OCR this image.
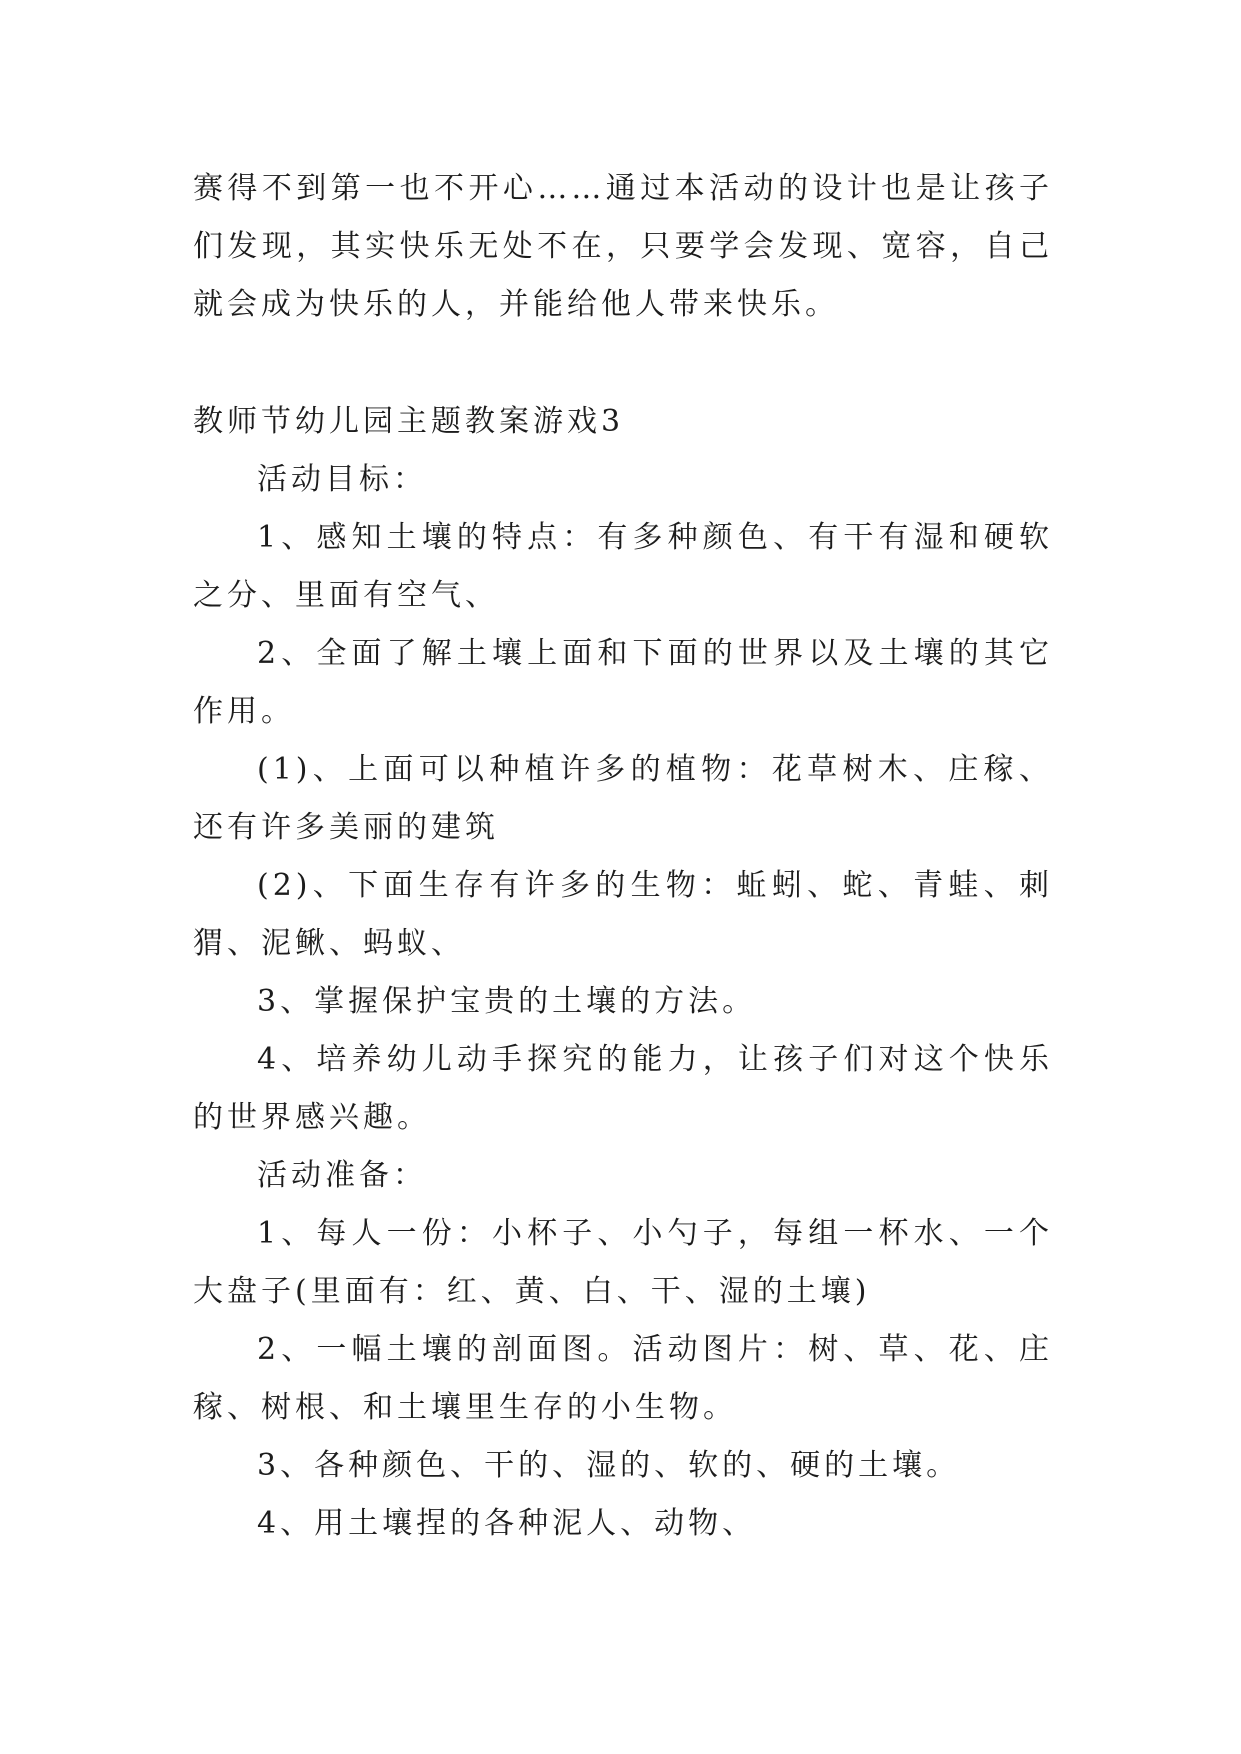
赛得不到第一也不开心……通过本活动的设计也是让孩子们发现，其实快乐无处不在，只要学会发现、宽容，自己就会成为快乐的人，并能给他人带来快乐。

教师节幼儿园主题教案游戏3

活动目标：

1、感知土壤的特点：有多种颜色、有干有湿和硬软之分、里面有空气、

2、全面了解土壤上面和下面的世界以及土壤的其它作用。

(1)、上面可以种植许多的植物：花草树木、庄稼、还有许多美丽的建筑

(2)、下面生存有许多的生物：蚯蚓、蛇、青蛙、刺猬、泥鳅、蚂蚁、

3、掌握保护宝贵的土壤的方法。

4、培养幼儿动手探究的能力，让孩子们对这个快乐的世界感兴趣。

活动准备：

1、每人一份：小杯子、小勺子，每组一杯水、一个大盘子(里面有：红、黄、白、干、湿的土壤)

2、一幅土壤的剖面图。活动图片：树、草、花、庄稼、树根、和土壤里生存的小生物。

3、各种颜色、干的、湿的、软的、硬的土壤。

4、用土壤捏的各种泥人、动物、
